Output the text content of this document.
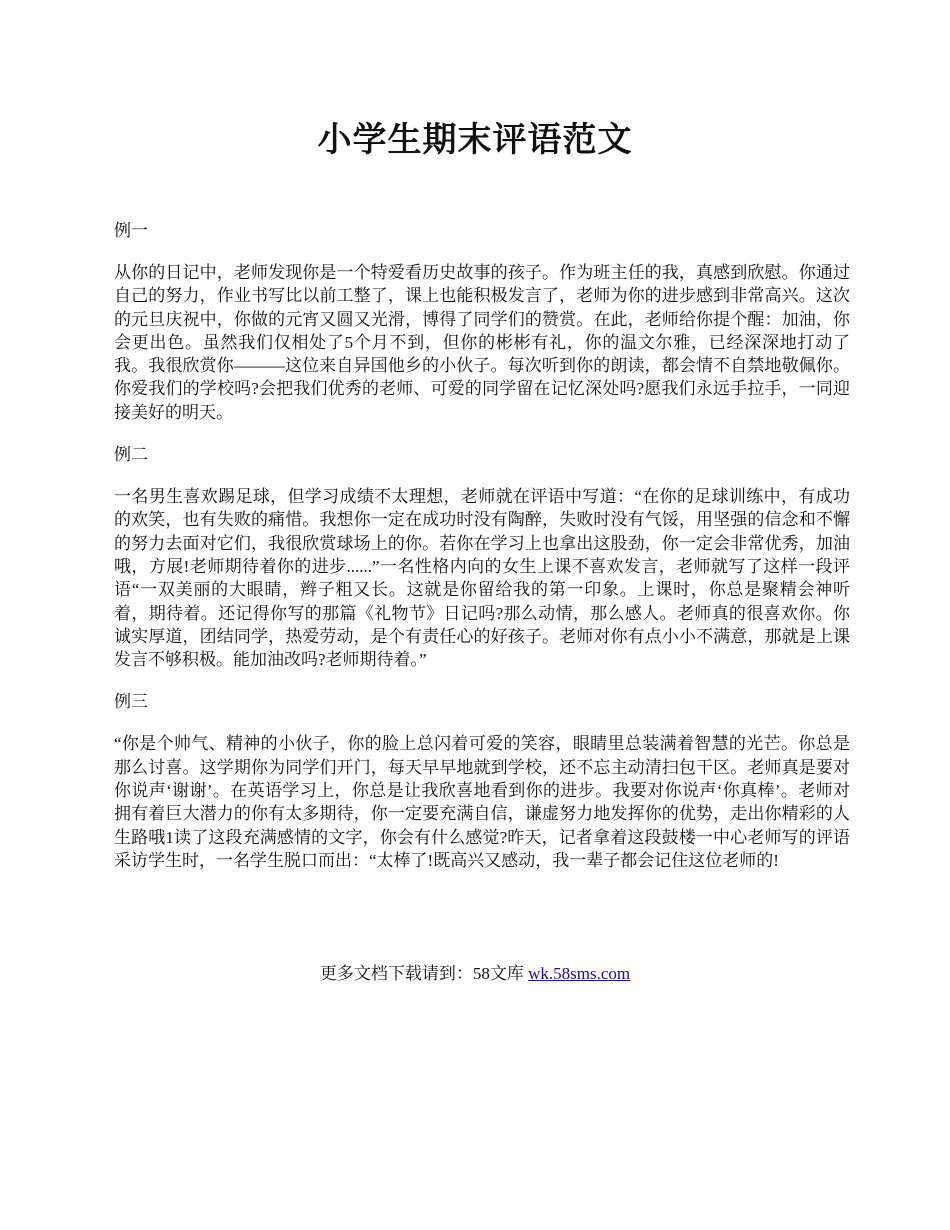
小学生期末评语范文
例一

从你的日记中，老师发现你是一个特爱看历史故事的孩子。作为班主任的我，真感到欣慰。你通过自己的努力，作业书写比以前工整了，课上也能积极发言了，老师为你的进步感到非常高兴。这次的元旦庆祝中，你做的元宵又圆又光滑，博得了同学们的赞赏。在此，老师给你提个醒：加油，你会更出色。虽然我们仅相处了5个月不到，但你的彬彬有礼，你的温文尔雅，已经深深地打动了我。我很欣赏你———这位来自异国他乡的小伙子。每次听到你的朗读，都会情不自禁地敬佩你。你爱我们的学校吗?会把我们优秀的老师、可爱的同学留在记忆深处吗?愿我们永远手拉手，一同迎接美好的明天。

例二

一名男生喜欢踢足球，但学习成绩不太理想，老师就在评语中写道：“在你的足球训练中，有成功的欢笑，也有失败的痛惜。我想你一定在成功时没有陶醉，失败时没有气馁，用坚强的信念和不懈的努力去面对它们，我很欣赏球场上的你。若你在学习上也拿出这股劲，你一定会非常优秀，加油哦，方展!老师期待着你的进步......”一名性格内向的女生上课不喜欢发言，老师就写了这样一段评语“一双美丽的大眼睛，辫子粗又长。这就是你留给我的第一印象。上课时，你总是聚精会神听着，期待着。还记得你写的那篇《礼物节》日记吗?那么动情，那么感人。老师真的很喜欢你。你诚实厚道，团结同学，热爱劳动，是个有责任心的好孩子。老师对你有点小小不满意，那就是上课发言不够积极。能加油改吗?老师期待着。”

例三

“你是个帅气、精神的小伙子，你的脸上总闪着可爱的笑容，眼睛里总装满着智慧的光芒。你总是那么讨喜。这学期你为同学们开门，每天早早地就到学校，还不忘主动清扫包干区。老师真是要对你说声‘谢谢’。在英语学习上，你总是让我欣喜地看到你的进步。我要对你说声‘你真棒’。老师对拥有着巨大潜力的你有太多期待，你一定要充满自信，谦虚努力地发挥你的优势，走出你精彩的人生路哦1读了这段充满感情的文字，你会有什么感觉?昨天，记者拿着这段鼓楼一中心老师写的评语采访学生时，一名学生脱口而出：“太棒了!既高兴又感动，我一辈子都会记住这位老师的!

更多文档下载请到：58文库 wk.58sms.com
